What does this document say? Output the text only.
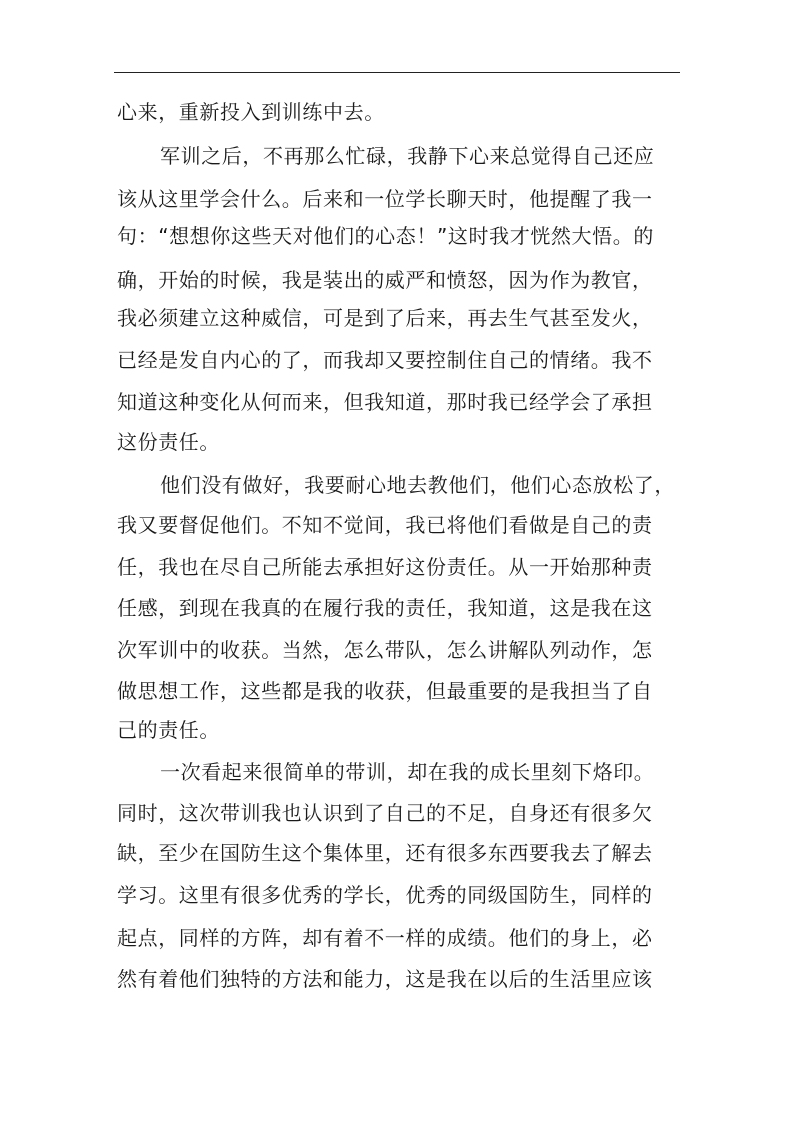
心来，重新投入到训练中去。
军训之后，不再那么忙碌，我静下心来总觉得自己还应
该从这里学会什么。后来和一位学长聊天时，他提醒了我一
句：“想想你这些天对他们的心态！”这时我才恍然大悟。的
确，开始的时候，我是装出的威严和愤怒，因为作为教官，
我必须建立这种威信，可是到了后来，再去生气甚至发火，
已经是发自内心的了，而我却又要控制住自己的情绪。我不
知道这种变化从何而来，但我知道，那时我已经学会了承担
这份责任。
他们没有做好，我要耐心地去教他们，他们心态放松了，
我又要督促他们。不知不觉间，我已将他们看做是自己的责
任，我也在尽自己所能去承担好这份责任。从一开始那种责
任感，到现在我真的在履行我的责任，我知道，这是我在这
次军训中的收获。当然，怎么带队，怎么讲解队列动作，怎
做思想工作，这些都是我的收获，但最重要的是我担当了自
己的责任。
一次看起来很简单的带训，却在我的成长里刻下烙印。
同时，这次带训我也认识到了自己的不足，自身还有很多欠
缺，至少在国防生这个集体里，还有很多东西要我去了解去
学习。这里有很多优秀的学长，优秀的同级国防生，同样的
起点，同样的方阵，却有着不一样的成绩。他们的身上，必
然有着他们独特的方法和能力，这是我在以后的生活里应该
